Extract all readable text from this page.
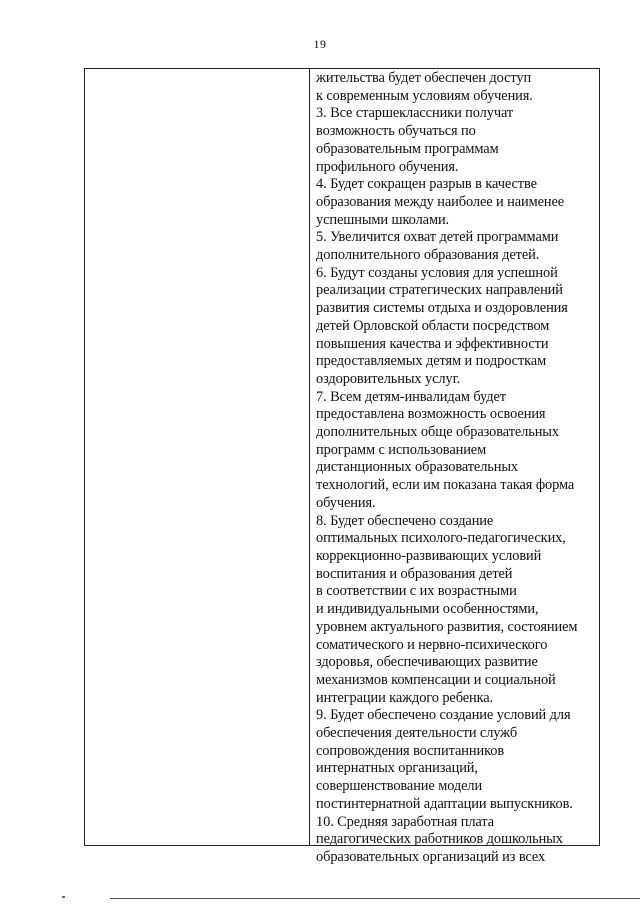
19
жительства будет обеспечен доступ
к современным условиям обучения.
3. Все старшеклассники получат
возможность обучаться по
образовательным программам
профильного обучения.
4. Будет сокращен разрыв в качестве
образования между наиболее и наименее
успешными школами.
5. Увеличится охват детей программами
дополнительного образования детей.
6. Будут созданы условия для успешной
реализации стратегических направлений
развития системы отдыха и оздоровления
детей Орловской области посредством
повышения качества и эффективности
предоставляемых детям и подросткам
оздоровительных услуг.
7. Всем детям-инвалидам будет
предоставлена возможность освоения
дополнительных обще образовательных
программ с использованием
дистанционных образовательных
технологий, если им показана такая форма
обучения.
8. Будет обеспечено создание
оптимальных психолого-педагогических,
коррекционно-развивающих условий
воспитания и образования детей
в соответствии с их возрастными
и индивидуальными особенностями,
уровнем актуального развития, состоянием
соматического и нервно-психического
здоровья, обеспечивающих развитие
механизмов компенсации и социальной
интеграции каждого ребенка.
9. Будет обеспечено создание условий для
обеспечения деятельности служб
сопровождения воспитанников
интернатных организаций,
совершенствование модели
постинтернатной адаптации выпускников.
10. Средняя заработная плата
педагогических работников дошкольных
образовательных организаций из всех
